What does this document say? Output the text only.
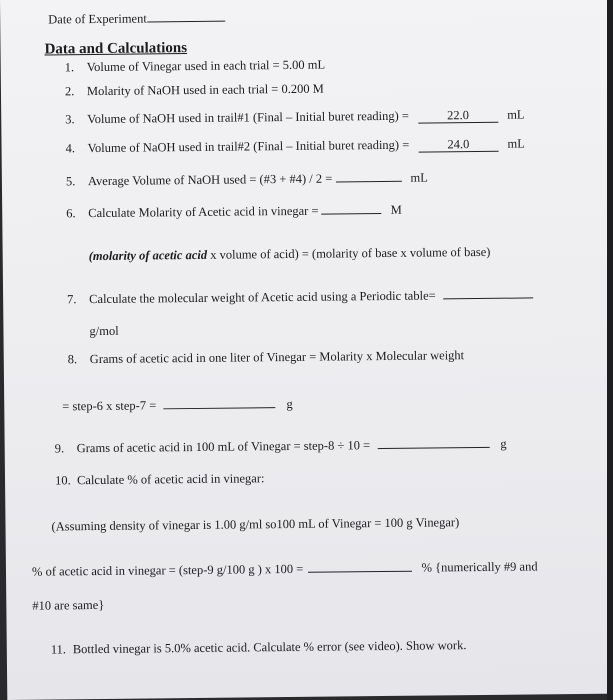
Date of Experiment
Data and Calculations
1. Volume of Vinegar used in each trial = 5.00 mL
2. Molarity of NaOH used in each trial = 0.200 M
3. Volume of NaOH used in trail#1 (Final – Initial buret reading) =	22.0	mL
4. Volume of NaOH used in trail#2 (Final – Initial buret reading) =	24.0	mL
5. Average Volume of NaOH used = (#3 + #4) / 2 =	mL
6. Calculate Molarity of Acetic acid in vinegar =	M
(molarity of acetic acid x volume of acid) = (molarity of base x volume of base)
7. Calculate the molecular weight of Acetic acid using a Periodic table=
g/mol
8. Grams of acetic acid in one liter of Vinegar = Molarity x Molecular weight
= step-6 x step-7 =	g
9. Grams of acetic acid in 100 mL of Vinegar = step-8 ÷ 10 =	g
10. Calculate % of acetic acid in vinegar:
(Assuming density of vinegar is 1.00 g/ml so100 mL of Vinegar = 100 g Vinegar)
% of acetic acid in vinegar = (step-9 g/100 g ) x 100 =	% {numerically #9 and
#10 are same}
11. Bottled vinegar is 5.0% acetic acid. Calculate % error (see video). Show work.
